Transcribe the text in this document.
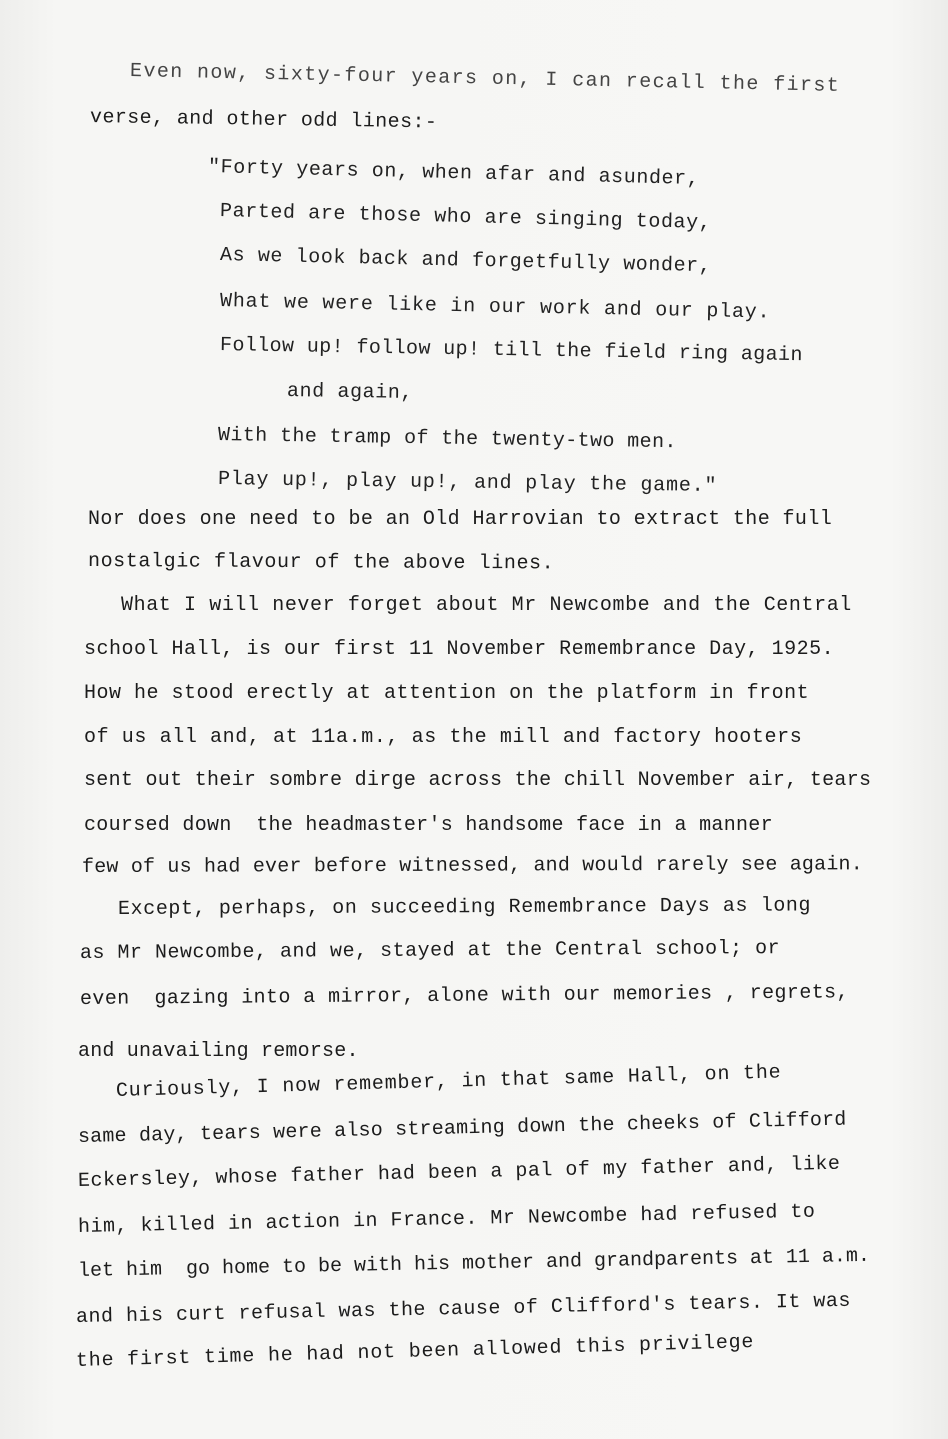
Even now, sixty-four years on, I can recall the first
verse, and other odd lines:-
"Forty years on, when afar and asunder,
Parted are those who are singing today,
As we look back and forgetfully wonder,
What we were like in our work and our play.
Follow up! follow up! till the field ring again
and again,
With the tramp of the twenty-two men.
Play up!, play up!, and play the game."
Nor does one need to be an Old Harrovian to extract the full
nostalgic flavour of the above lines.
What I will never forget about Mr Newcombe and the Central
school Hall, is our first 11 November Remembrance Day, 1925.
How he stood erectly at attention on the platform in front
of us all and, at 11a.m., as the mill and factory hooters
sent out their sombre dirge across the chill November air, tears
coursed down  the headmaster's handsome face in a manner
few of us had ever before witnessed, and would rarely see again.
Except, perhaps, on succeeding Remembrance Days as long
as Mr Newcombe, and we, stayed at the Central school; or
even  gazing into a mirror, alone with our memories , regrets,
and unavailing remorse.
Curiously, I now remember, in that same Hall, on the
same day, tears were also streaming down the cheeks of Clifford
Eckersley, whose father had been a pal of my father and, like
him, killed in action in France. Mr Newcombe had refused to
let him  go home to be with his mother and grandparents at 11 a.m.
and his curt refusal was the cause of Clifford's tears. It was
the first time he had not been allowed this privilege
